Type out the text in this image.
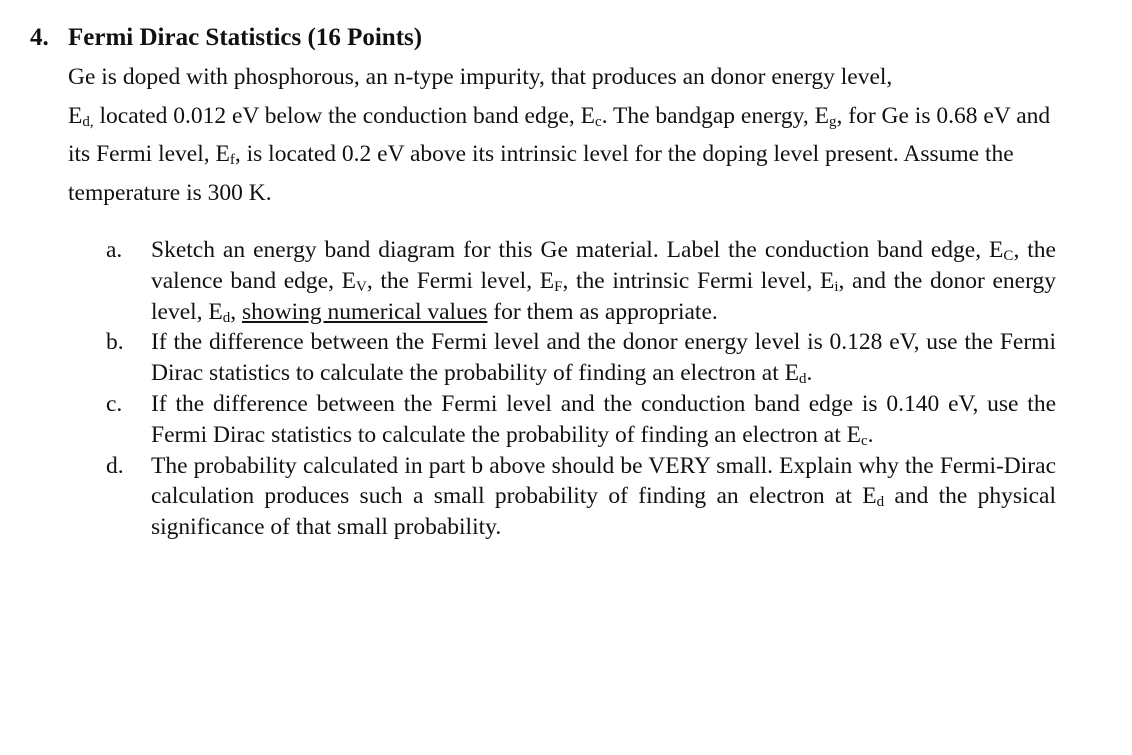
4. Fermi Dirac Statistics (16 Points)

Ge is doped with phosphorous, an n-type impurity, that produces an donor energy level,
$E_{d,}$ located 0.012 eV below the conduction band edge, $E_c$. The bandgap energy, $E_g$, for Ge is 0.68 eV and its Fermi level, $E_f$, is located 0.2 eV above its intrinsic level for the doping level present. Assume the temperature is 300 K.

a.	Sketch an energy band diagram for this Ge material. Label the conduction band edge, $E_C$, the valence band edge, $E_V$, the Fermi level, $E_F$, the intrinsic Fermi level, $E_i$, and the donor energy level, $E_d$, showing numerical values for them as appropriate.
b.	If the difference between the Fermi level and the donor energy level is 0.128 eV, use the Fermi Dirac statistics to calculate the probability of finding an electron at $E_d$.
c.	If the difference between the Fermi level and the conduction band edge is 0.140 eV, use the Fermi Dirac statistics to calculate the probability of finding an electron at $E_c$.
d.	The probability calculated in part b above should be VERY small. Explain why the Fermi-Dirac calculation produces such a small probability of finding an electron at $E_d$ and the physical significance of that small probability.
